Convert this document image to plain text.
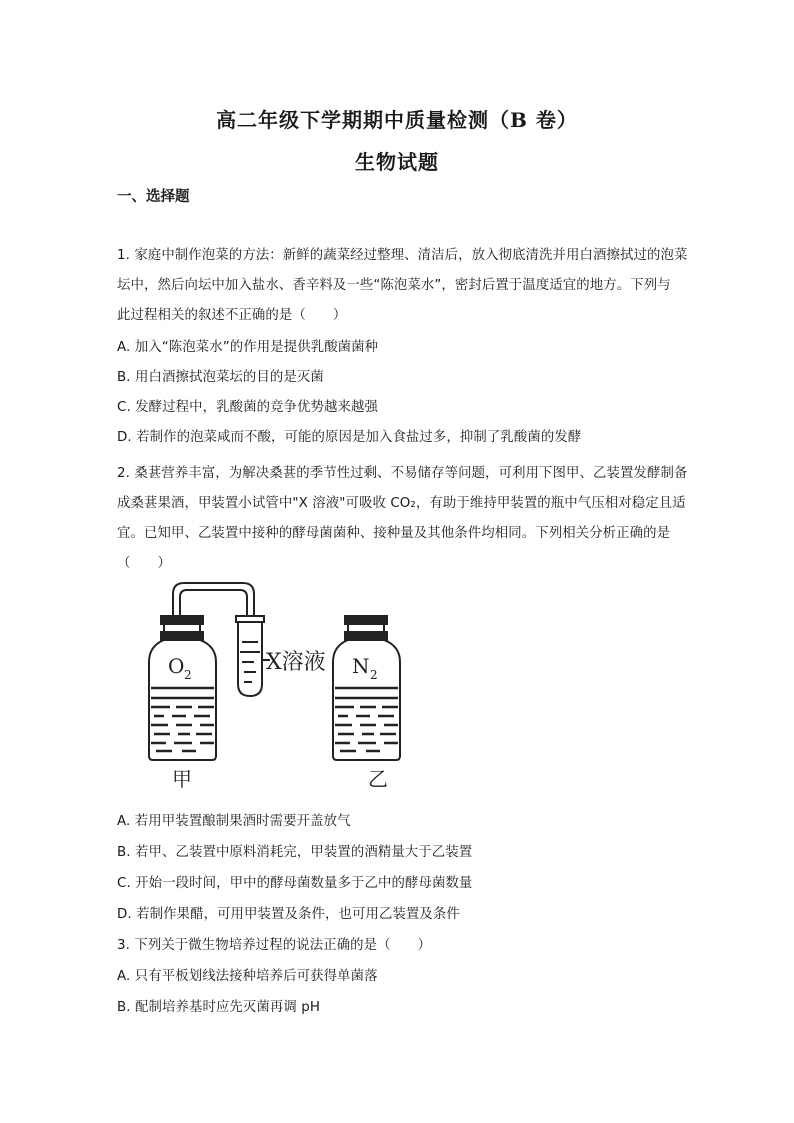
高二年级下学期期中质量检测（B 卷）
生物试题
一、选择题
1. 家庭中制作泡菜的方法：新鲜的蔬菜经过整理、清洁后，放入彻底清洗并用白酒擦拭过的泡菜
坛中，然后向坛中加入盐水、香辛料及一些“陈泡菜水”，密封后置于温度适宜的地方。下列与
此过程相关的叙述不正确的是（　　）
A. 加入“陈泡菜水”的作用是提供乳酸菌菌种
B. 用白酒擦拭泡菜坛的目的是灭菌
C. 发酵过程中，乳酸菌的竞争优势越来越强
D. 若制作的泡菜咸而不酸，可能的原因是加入食盐过多，抑制了乳酸菌的发酵
2. 桑葚营养丰富，为解决桑葚的季节性过剩、不易储存等问题，可利用下图甲、乙装置发酵制备
成桑葚果酒，甲装置小试管中"X 溶液"可吸收 CO₂，有助于维持甲装置的瓶中气压相对稳定且适
宜。已知甲、乙装置中接种的酵母菌菌种、接种量及其他条件均相同。下列相关分析正确的是
（　　）
O 2	X溶液 N 2
甲	乙
A. 若用甲装置酿制果酒时需要开盖放气
B. 若甲、乙装置中原料消耗完，甲装置的酒精量大于乙装置
C. 开始一段时间，甲中的酵母菌数量多于乙中的酵母菌数量
D. 若制作果醋，可用甲装置及条件，也可用乙装置及条件
3. 下列关于微生物培养过程的说法正确的是（　　）
A. 只有平板划线法接种培养后可获得单菌落
B. 配制培养基时应先灭菌再调 pH
